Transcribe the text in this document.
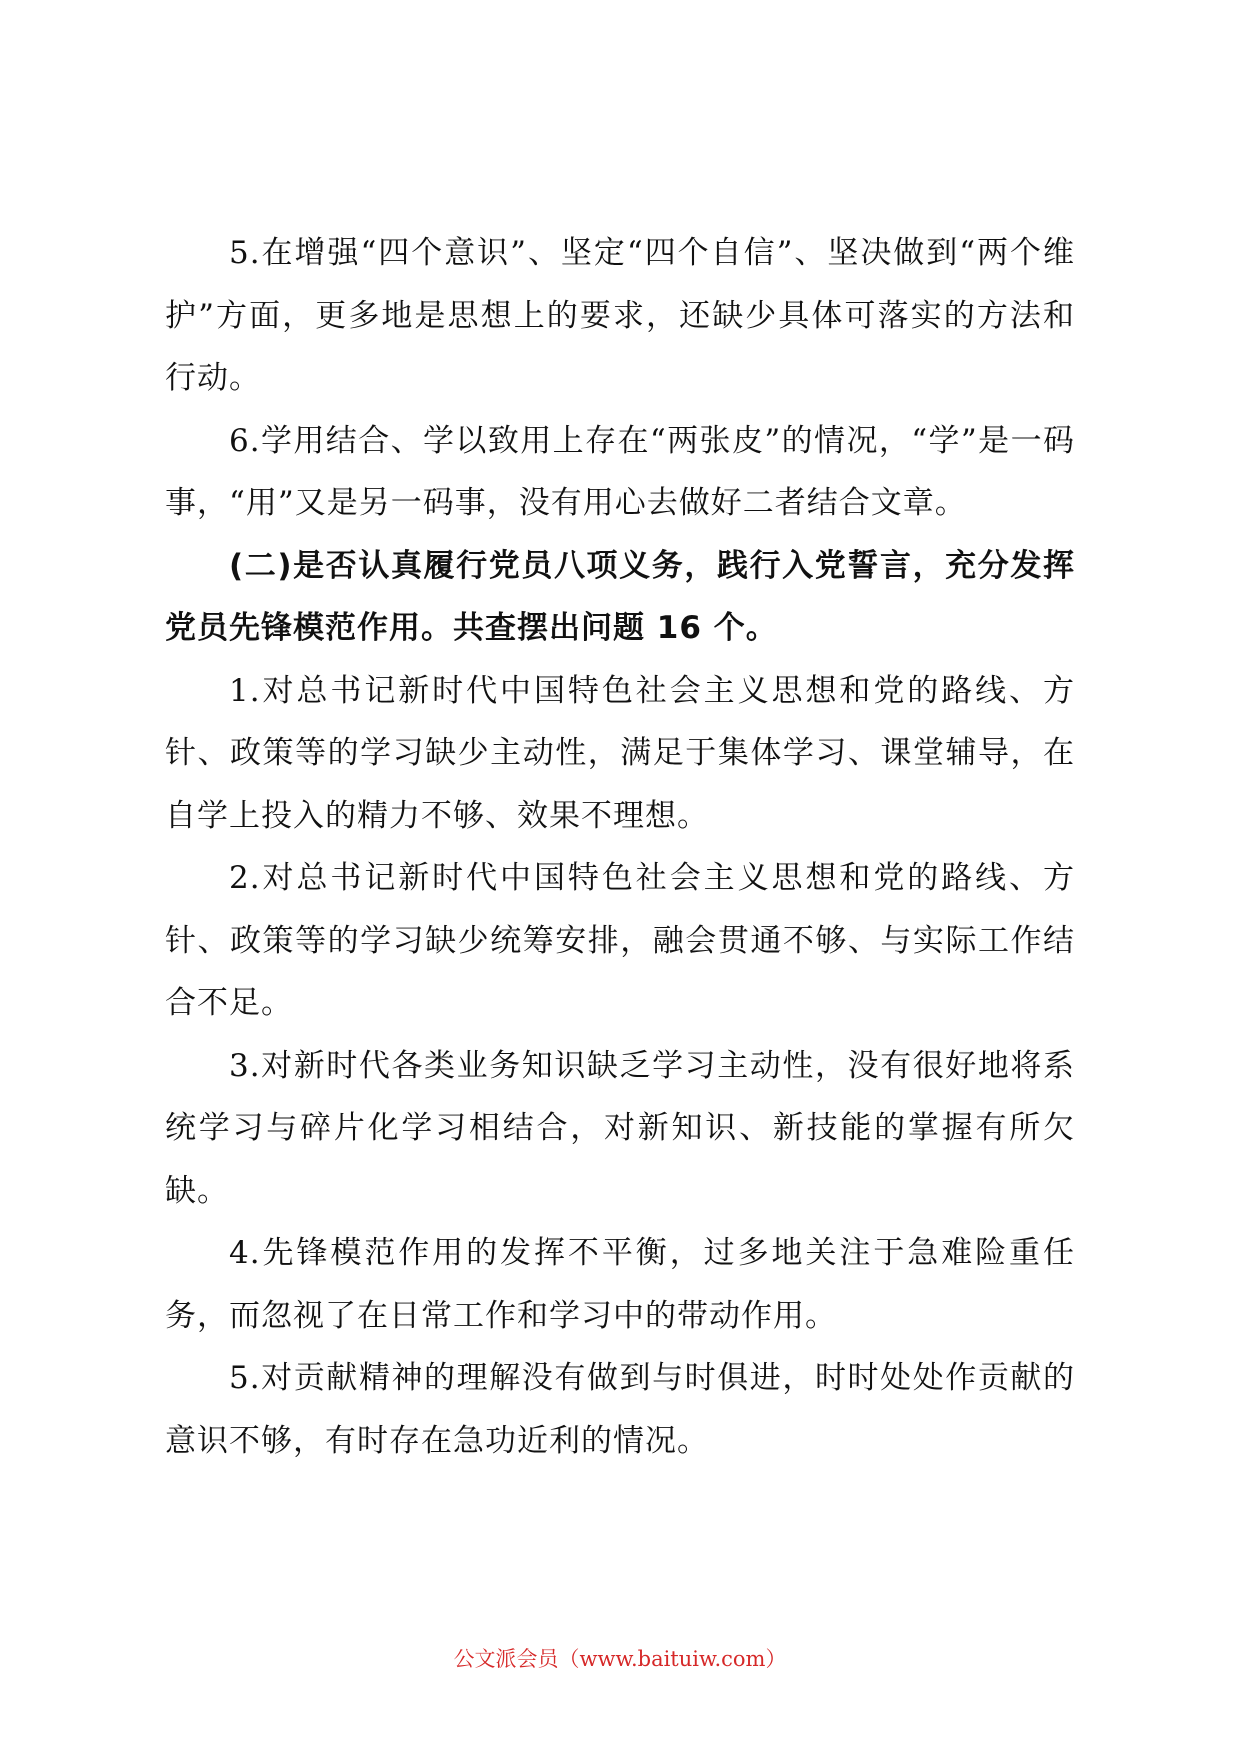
5.在增强“四个意识”、坚定“四个自信”、坚决做到“两个维护”方面，更多地是思想上的要求，还缺少具体可落实的方法和行动。

6.学用结合、学以致用上存在“两张皮”的情况，“学”是一码事，“用”又是另一码事，没有用心去做好二者结合文章。

(二)是否认真履行党员八项义务，践行入党誓言，充分发挥党员先锋模范作用。共查摆出问题 16 个。

1.对总书记新时代中国特色社会主义思想和党的路线、方针、政策等的学习缺少主动性，满足于集体学习、课堂辅导，在自学上投入的精力不够、效果不理想。

2.对总书记新时代中国特色社会主义思想和党的路线、方针、政策等的学习缺少统筹安排，融会贯通不够、与实际工作结合不足。

3.对新时代各类业务知识缺乏学习主动性，没有很好地将系统学习与碎片化学习相结合，对新知识、新技能的掌握有所欠缺。

4.先锋模范作用的发挥不平衡，过多地关注于急难险重任务，而忽视了在日常工作和学习中的带动作用。

5.对贡献精神的理解没有做到与时俱进，时时处处作贡献的意识不够，有时存在急功近利的情况。

公文派会员（www.baituiw.com）
